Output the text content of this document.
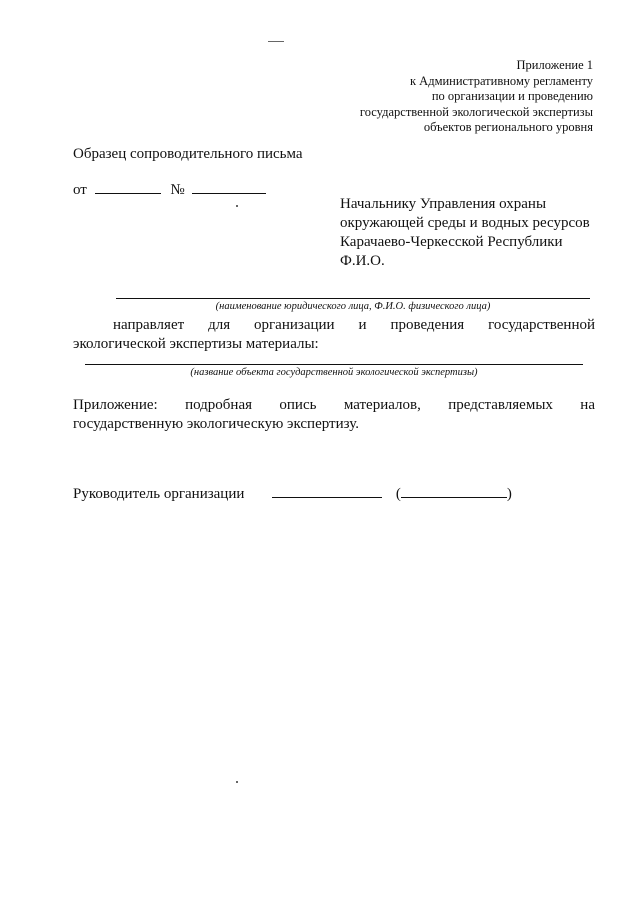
Приложение 1
к Административному регламенту
по организации и проведению
государственной экологической экспертизы
объектов регионального уровня
Образец сопроводительного письма
от	№
Начальнику Управления охраны
окружающей среды и водных ресурсов
Карачаево-Черкесской Республики
Ф.И.О.
(наименование юридического лица, Ф.И.О. физического лица)
направляет для организации и проведения государственной
экологической экспертизы материалы:
(название объекта государственной экологической экспертизы)
Приложение: подробная опись материалов, представляемых на
государственную экологическую экспертизу.
Руководитель организации	(	)
